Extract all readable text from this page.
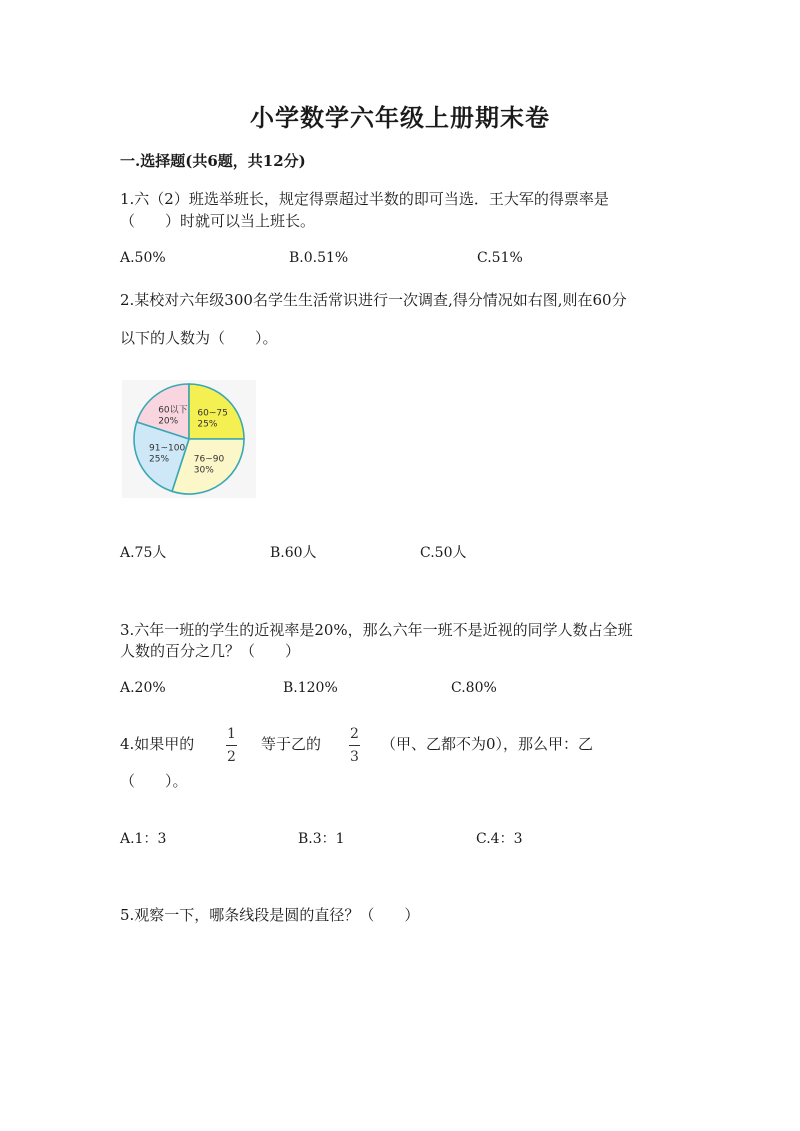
小学数学六年级上册期末卷
一.选择题(共6题，共12分)
1.六（2）班选举班长，规定得票超过半数的即可当选．王大军的得票率是
（　　）时就可以当上班长。
A.50%	B.0.51%	C.51%
2.某校对六年级300名学生生活常识进行一次调查,得分情况如右图,则在60分
以下的人数为（　　）。
60以下
20%
60~75
25%
76~90
30%
91~100
25%
A.75人	B.60人	C.50人
3.六年一班的学生的近视率是20%，那么六年一班不是近视的同学人数占全班
人数的百分之几？（　　）
A.20%	B.120%	C.80%
4.如果甲的 $\frac{1}{2}$ 等于乙的 $\frac{2}{3}$ （甲、乙都不为0），那么甲：乙
（　　）。
A.1：3	B.3：1	C.4：3
5.观察一下，哪条线段是圆的直径？（　　）
